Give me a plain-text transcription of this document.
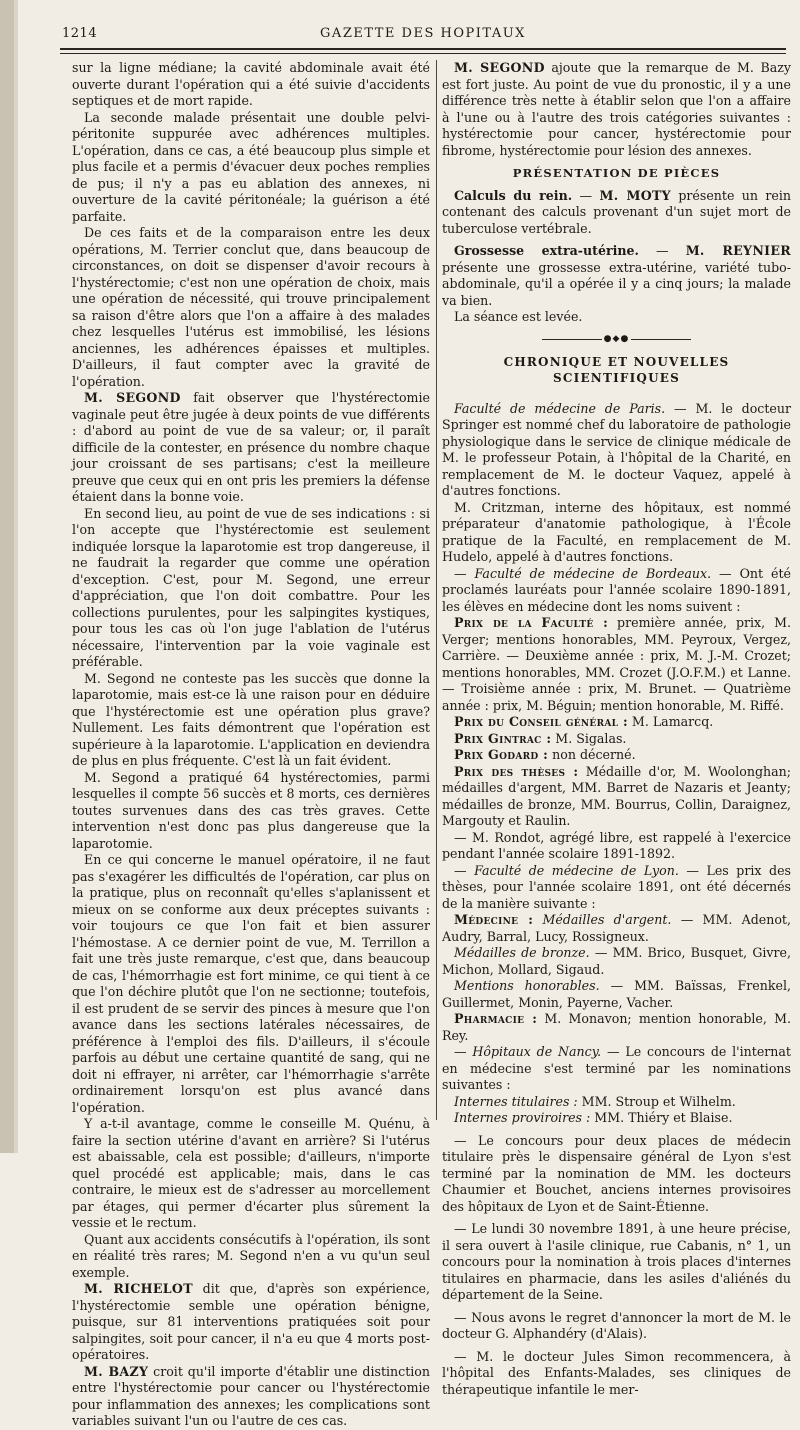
1214	GAZETTE DES HOPITAUX

sur la ligne médiane; la cavité abdominale avait été ouverte durant l'opération qui a été suivie d'accidents septiques et de mort rapide.

La seconde malade présentait une double pelvi-péritonite suppurée avec adhérences multiples. L'opération, dans ce cas, a été beaucoup plus simple et plus facile et a permis d'évacuer deux poches remplies de pus; il n'y a pas eu ablation des annexes, ni ouverture de la cavité péritonéale; la guérison a été parfaite.

De ces faits et de la comparaison entre les deux opérations, M. Terrier conclut que, dans beaucoup de circonstances, on doit se dispenser d'avoir recours à l'hystérectomie; c'est non une opération de choix, mais une opération de nécessité, qui trouve principalement sa raison d'être alors que l'on a affaire à des malades chez lesquelles l'utérus est immobilisé, les lésions anciennes, les adhérences épaisses et multiples. D'ailleurs, il faut compter avec la gravité de l'opération.

M. SEGOND fait observer que l'hystérectomie vaginale peut être jugée à deux points de vue différents : d'abord au point de vue de sa valeur; or, il paraît difficile de la contester, en présence du nombre chaque jour croissant de ses partisans; c'est la meilleure preuve que ceux qui en ont pris les premiers la défense étaient dans la bonne voie.

En second lieu, au point de vue de ses indications : si l'on accepte que l'hystérectomie est seulement indiquée lorsque la laparotomie est trop dangereuse, il ne faudrait la regarder que comme une opération d'exception. C'est, pour M. Segond, une erreur d'appréciation, que l'on doit combattre. Pour les collections purulentes, pour les salpingites kystiques, pour tous les cas où l'on juge l'ablation de l'utérus nécessaire, l'intervention par la voie vaginale est préférable.

M. Segond ne conteste pas les succès que donne la laparotomie, mais est-ce là une raison pour en déduire que l'hystérectomie est une opération plus grave? Nullement. Les faits démontrent que l'opération est supérieure à la laparotomie. L'application en deviendra de plus en plus fréquente. C'est là un fait évident.

M. Segond a pratiqué 64 hystérectomies, parmi lesquelles il compte 56 succès et 8 morts, ces dernières toutes survenues dans des cas très graves. Cette intervention n'est donc pas plus dangereuse que la laparotomie.

En ce qui concerne le manuel opératoire, il ne faut pas s'exagérer les difficultés de l'opération, car plus on la pratique, plus on reconnaît qu'elles s'aplanissent et mieux on se conforme aux deux préceptes suivants : voir toujours ce que l'on fait et bien assurer l'hémostase. A ce dernier point de vue, M. Terrillon a fait une très juste remarque, c'est que, dans beaucoup de cas, l'hémorrhagie est fort minime, ce qui tient à ce que l'on déchire plutôt que l'on ne sectionne; toutefois, il est prudent de se servir des pinces à mesure que l'on avance dans les sections latérales nécessaires, de préférence à l'emploi des fils. D'ailleurs, il s'écoule parfois au début une certaine quantité de sang, qui ne doit ni effrayer, ni arrêter, car l'hémorrhagie s'arrête ordinairement lorsqu'on est plus avancé dans l'opération.

Y a-t-il avantage, comme le conseille M. Quénu, à faire la section utérine d'avant en arrière? Si l'utérus est abaissable, cela est possible; d'ailleurs, n'importe quel procédé est applicable; mais, dans le cas contraire, le mieux est de s'adresser au morcellement par étages, qui permer d'écarter plus sûrement la vessie et le rectum.

Quant aux accidents consécutifs à l'opération, ils sont en réalité très rares; M. Segond n'en a vu qu'un seul exemple.

M. RICHELOT dit que, d'après son expérience, l'hystérectomie semble une opération bénigne, puisque, sur 81 interventions pratiquées soit pour salpingites, soit pour cancer, il n'a eu que 4 morts post-opératoires.

M. BAZY croit qu'il importe d'établir une distinction entre l'hystérectomie pour cancer ou l'hystérectomie pour inflammation des annexes; les complications sont variables suivant l'un ou l'autre de ces cas.

M. SEGOND ajoute que la remarque de M. Bazy est fort juste. Au point de vue du pronostic, il y a une différence très nette à établir selon que l'on a affaire à l'une ou à l'autre des trois catégories suivantes : hystérectomie pour cancer, hystérectomie pour fibrome, hystérectomie pour lésion des annexes.

PRÉSENTATION DE PIÈCES

Calculs du rein. — M. MOTY présente un rein contenant des calculs provenant d'un sujet mort de tuberculose vertébrale.

Grossesse extra-utérine. — M. REYNIER présente une grossesse extra-utérine, variété tubo-abdominale, qu'il a opérée il y a cinq jours; la malade va bien.

La séance est levée.

●◆●
CHRONIQUE ET NOUVELLES SCIENTIFIQUES

Faculté de médecine de Paris. — M. le docteur Springer est nommé chef du laboratoire de pathologie physiologique dans le service de clinique médicale de M. le professeur Potain, à l'hôpital de la Charité, en remplacement de M. le docteur Vaquez, appelé à d'autres fonctions.

M. Critzman, interne des hôpitaux, est nommé préparateur d'anatomie pathologique, à l'École pratique de la Faculté, en remplacement de M. Hudelo, appelé à d'autres fonctions.

— Faculté de médecine de Bordeaux. — Ont été proclamés lauréats pour l'année scolaire 1890-1891, les élèves en médecine dont les noms suivent :

Prix de la Faculté : première année, prix, M. Verger; mentions honorables, MM. Peyroux, Vergez, Carrière. — Deuxième année : prix, M. J.-M. Crozet; mentions honorables, MM. Crozet (J.O.F.M.) et Lanne. — Troisième année : prix, M. Brunet. — Quatrième année : prix, M. Béguin; mention honorable, M. Riffé.

Prix du Conseil général : M. Lamarcq.

Prix Gintrac : M. Sigalas.

Prix Godard : non décerné.

Prix des thèses : Médaille d'or, M. Woolonghan; médailles d'argent, MM. Barret de Nazaris et Jeanty; médailles de bronze, MM. Bourrus, Collin, Daraignez, Margouty et Raulin.

— M. Rondot, agrégé libre, est rappelé à l'exercice pendant l'année scolaire 1891-1892.

— Faculté de médecine de Lyon. — Les prix des thèses, pour l'année scolaire 1891, ont été décernés de la manière suivante :

Médecine : Médailles d'argent. — MM. Adenot, Audry, Barral, Lucy, Rossigneux.

Médailles de bronze. — MM. Brico, Busquet, Givre, Michon, Mollard, Sigaud.

Mentions honorables. — MM. Baïssas, Frenkel, Guillermet, Monin, Payerne, Vacher.

Pharmacie : M. Monavon; mention honorable, M. Rey.

— Hôpitaux de Nancy. — Le concours de l'internat en médecine s'est terminé par les nominations suivantes :

Internes titulaires : MM. Stroup et Wilhelm.

Internes proviroires : MM. Thiéry et Blaise.

— Le concours pour deux places de médecin titulaire près le dispensaire général de Lyon s'est terminé par la nomination de MM. les docteurs Chaumier et Bouchet, anciens internes provisoires des hôpitaux de Lyon et de Saint-Étienne.

— Le lundi 30 novembre 1891, à une heure précise, il sera ouvert à l'asile clinique, rue Cabanis, n° 1, un concours pour la nomination à trois places d'internes titulaires en pharmacie, dans les asiles d'aliénés du département de la Seine.

— Nous avons le regret d'annoncer la mort de M. le docteur G. Alphandéry (d'Alais).

— M. le docteur Jules Simon recommencera, à l'hôpital des Enfants-Malades, ses cliniques de thérapeutique infantile le mer-
